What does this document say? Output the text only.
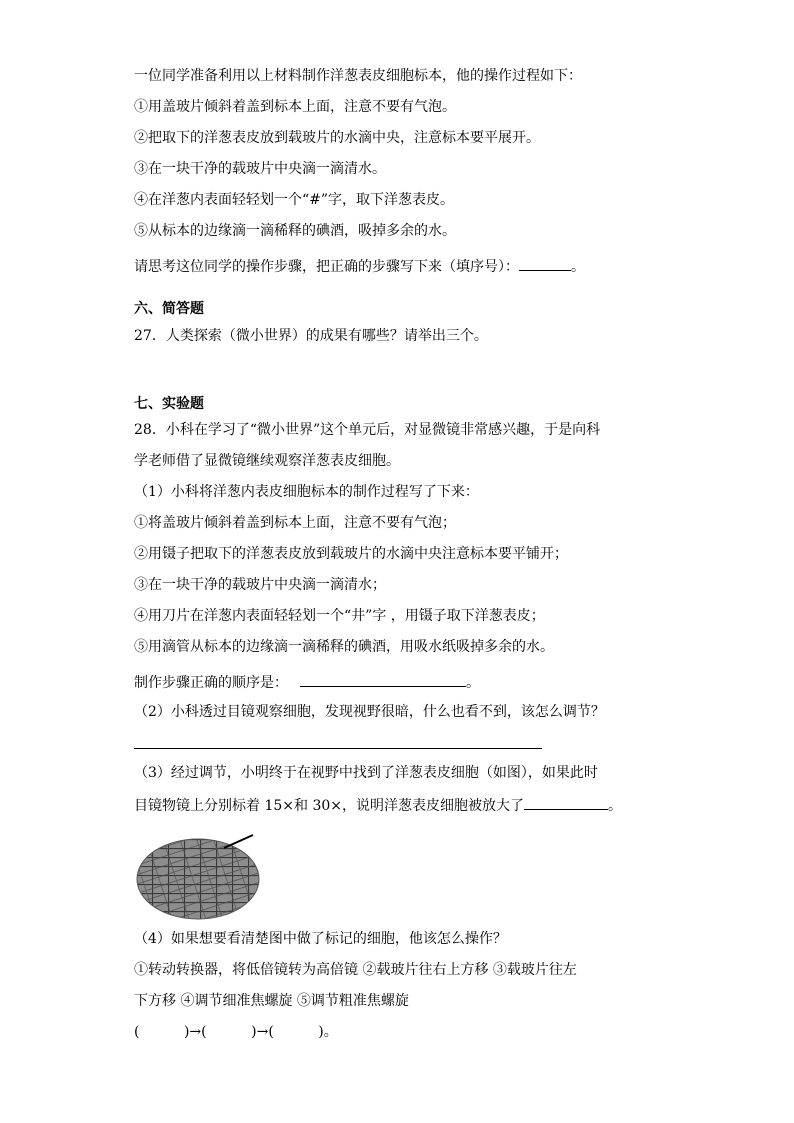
一位同学准备利用以上材料制作洋葱表皮细胞标本，他的操作过程如下：
①用盖玻片倾斜着盖到标本上面，注意不要有气泡。
②把取下的洋葱表皮放到载玻片的水滴中央，注意标本要平展开。
③在一块干净的载玻片中央滴一滴清水。
④在洋葱内表面轻轻划一个“#”字，取下洋葱表皮。
⑤从标本的边缘滴一滴稀释的碘酒，吸掉多余的水。
请思考这位同学的操作步骤，把正确的步骤写下来（填序号）：	。
六、简答题
27．人类探索（微小世界）的成果有哪些？请举出三个。
七、实验题
28．小科在学习了“微小世界”这个单元后，对显微镜非常感兴趣，于是向科
学老师借了显微镜继续观察洋葱表皮细胞。
（1）小科将洋葱内表皮细胞标本的制作过程写了下来：
①将盖玻片倾斜着盖到标本上面，注意不要有气泡；
②用镊子把取下的洋葱表皮放到载玻片的水滴中央注意标本要平铺开；
③在一块干净的载玻片中央滴一滴清水；
④用刀片在洋葱内表面轻轻划一个“井”字 ，用镊子取下洋葱表皮；
⑤用滴管从标本的边缘滴一滴稀释的碘酒，用吸水纸吸掉多余的水。
制作步骤正确的顺序是：	。
（2）小科透过目镜观察细胞，发现视野很暗，什么也看不到，该怎么调节？
（3）经过调节，小明终于在视野中找到了洋葱表皮细胞（如图），如果此时
目镜物镜上分别标着 15×和 30×，说明洋葱表皮细胞被放大了	。
（4）如果想要看清楚图中做了标记的细胞，他该怎么操作？
①转动转换器，将低倍镜转为高倍镜 ②载玻片往右上方移 ③载玻片往左
下方移 ④调节细准焦螺旋 ⑤调节粗准焦螺旋
(          )→(          )→(          )。
